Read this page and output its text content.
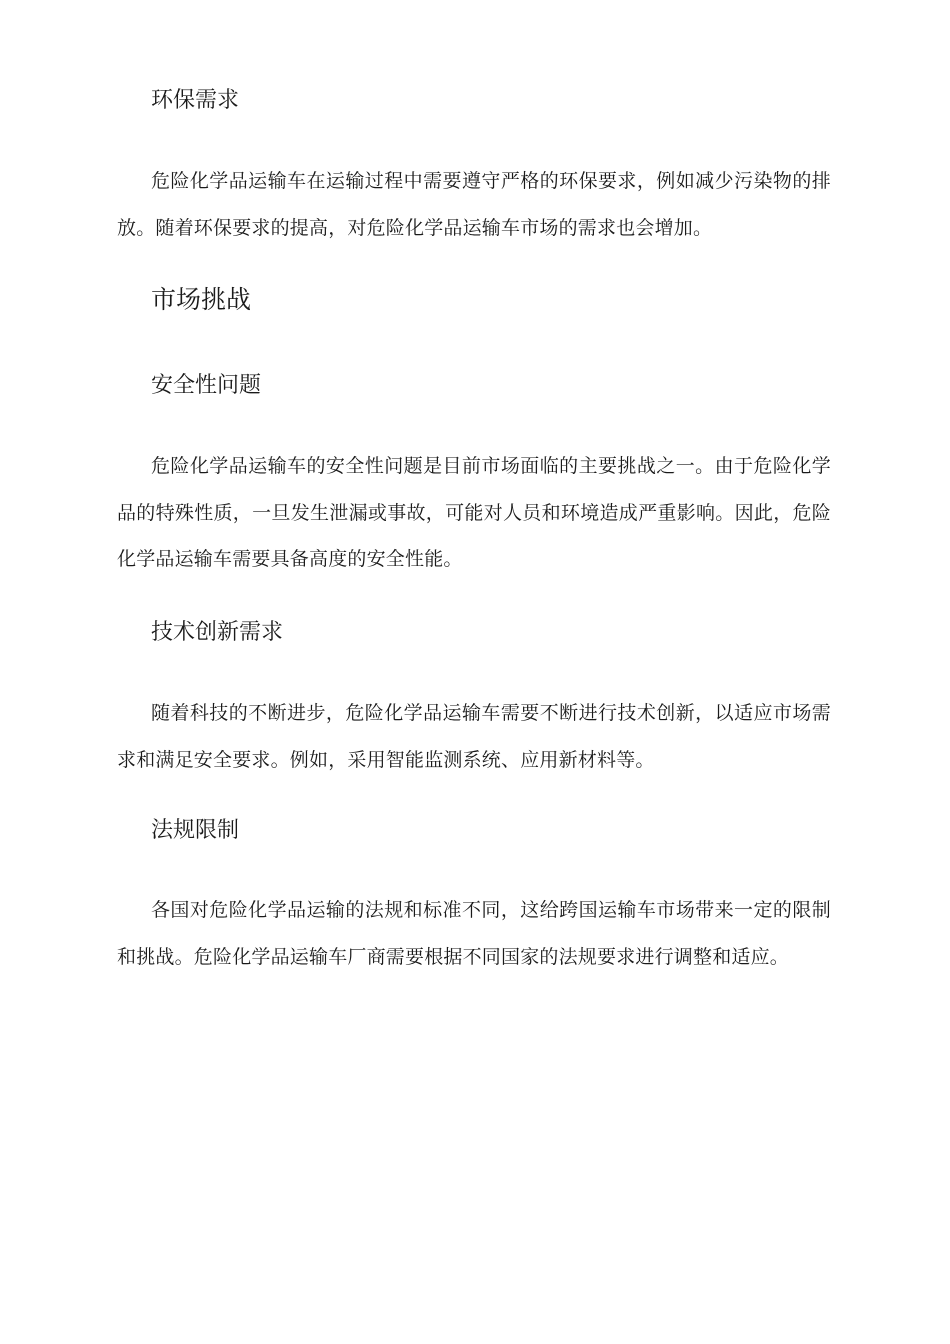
环保需求

危险化学品运输车在运输过程中需要遵守严格的环保要求，例如减少污染物的排放。随着环保要求的提高，对危险化学品运输车市场的需求也会增加。

市场挑战
安全性问题

危险化学品运输车的安全性问题是目前市场面临的主要挑战之一。由于危险化学品的特殊性质，一旦发生泄漏或事故，可能对人员和环境造成严重影响。因此，危险化学品运输车需要具备高度的安全性能。

技术创新需求

随着科技的不断进步，危险化学品运输车需要不断进行技术创新，以适应市场需求和满足安全要求。例如，采用智能监测系统、应用新材料等。

法规限制

各国对危险化学品运输的法规和标准不同，这给跨国运输车市场带来一定的限制和挑战。危险化学品运输车厂商需要根据不同国家的法规要求进行调整和适应。
